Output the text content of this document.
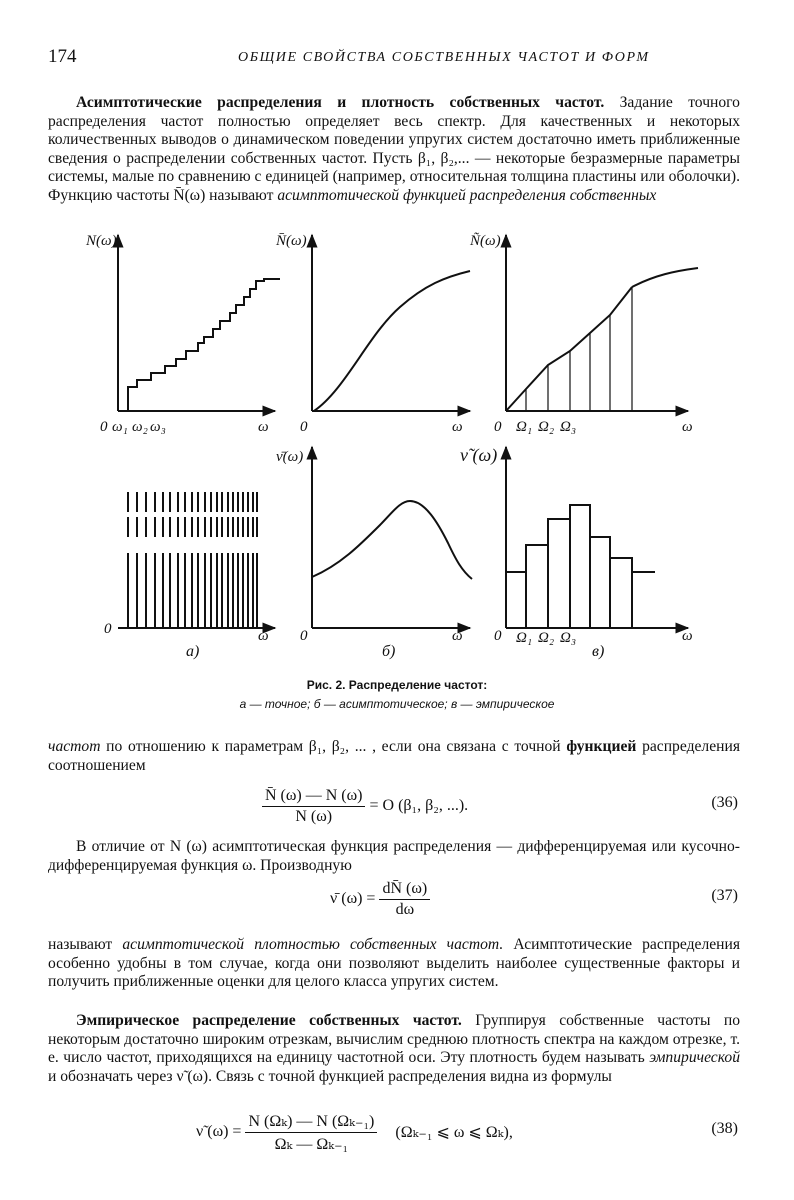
174	ОБЩИЕ СВОЙСТВА СОБСТВЕННЫХ ЧАСТОТ И ФОРМ
Асимптотические распределения и плотность собственных частот. Задание точного распределения частот полностью определяет весь спектр. Для качественных и некоторых количественных выводов о динамическом поведении упругих систем достаточно иметь приближенные сведения о распределении собственных частот. Пусть β₁, β₂,... — некоторые безразмерные параметры системы, малые по сравнению с единицей (например, относительная толщина пластины или оболочки). Функцию частоты N̄(ω) называют асимптотической функцией распределения собственных
N(ω)	N̄(ω)	Ñ(ω)
0 ω₁ ω₂ ω₃	ω 0	ω 0 Ω₁ Ω₂ Ω₃	ω
ν̄(ω)	ν̃ (ω)
0	ω 0	ω 0 Ω₁ Ω₂ Ω₃	ω
а)	б)	в)
Рис. 2. Распределение частот:
а — точное; б — асимптотическое; в — эмпирическое
частот по отношению к параметрам β₁, β₂, ... , если она связана с точной функцией распределения соотношением
$\frac{N̄ (\omega) — N (\omega)}{N (\omega)} = O$ (β₁, β₂, ...).	(36)
В отличие от N (ω) асимптотическая функция распределения — дифференцируемая или кусочно-дифференцируемая функция ω. Производную
ν̄ $(\omega) = \frac{dN̄ (\omega)}{d\omega}$	(37)
называют асимптотической плотностью собственных частот. Асимптотические распределения особенно удобны в том случае, когда они позволяют выделить наиболее существенные факторы и получить приближенные оценки для целого класса упругих систем.
Эмпирическое распределение собственных частот. Группируя собственные частоты по некоторым достаточно широким отрезкам, вычислим среднюю плотность спектра на каждом отрезке, т. е. число частот, приходящихся на единицу частотной оси. Эту плотность будем называть эмпирической и обозначать через ν̃ (ω). Связь с точной функцией распределения видна из формулы
ν̃ $(\omega) = \frac{\text{N (Ωₖ) — N (Ωₖ₋₁)}}{\text{Ωₖ — Ωₖ₋₁}} (\Omega_{k-1}$ ⩽ ω ⩽ Ωₖ),	(38)
